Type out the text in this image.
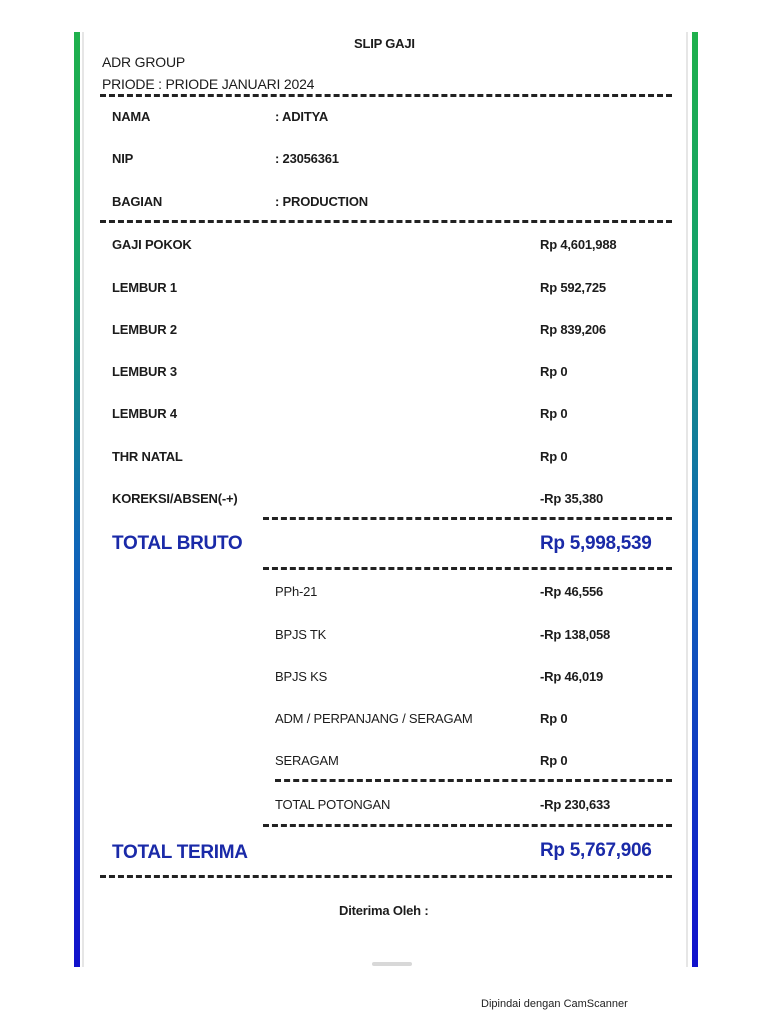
SLIP GAJI
ADR GROUP
PRIODE : PRIODE JANUARI 2024
NAMA	: ADITYA
NIP	: 23056361
BAGIAN	: PRODUCTION
GAJI POKOK	Rp 4,601,988
LEMBUR 1	Rp 592,725
LEMBUR 2	Rp 839,206
LEMBUR 3	Rp 0
LEMBUR 4	Rp 0
THR NATAL	Rp 0
KOREKSI/ABSEN(-+)	-Rp 35,380
TOTAL BRUTO	Rp 5,998,539
PPh-21	-Rp 46,556
BPJS TK	-Rp 138,058
BPJS KS	-Rp 46,019
ADM / PERPANJANG / SERAGAM	Rp 0
SERAGAM	Rp 0
TOTAL POTONGAN	-Rp 230,633
TOTAL TERIMA	Rp 5,767,906
Diterima Oleh :
Dipindai dengan CamScanner
